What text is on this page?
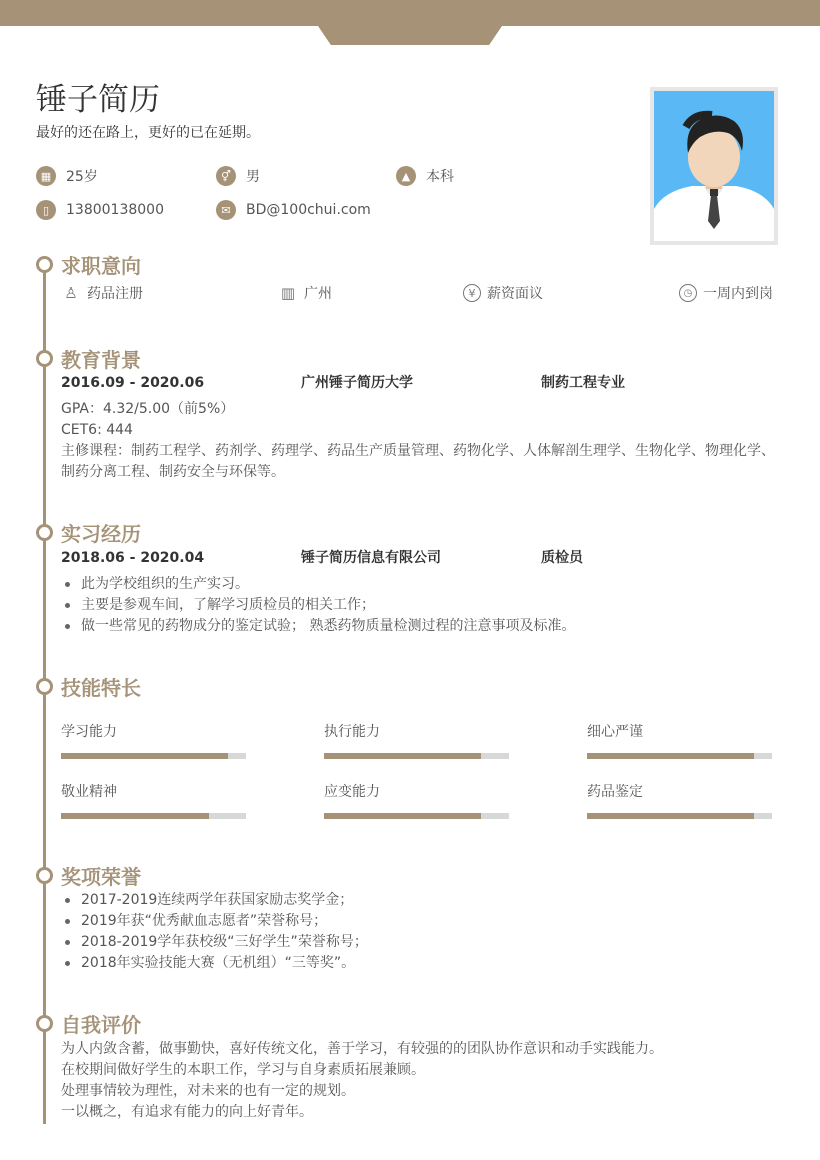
锤子简历
最好的还在路上，更好的已在延期。
▦	25岁	⚥	男	▲	本科
▯	13800138000	✉	BD@100chui.com
求职意向
♙ 药品注册	▥ 广州	¥ 薪资面议	◷ 一周内到岗
教育背景
2016.09 - 2020.06	广州锤子简历大学	制药工程专业
GPA：4.32/5.00（前5%）
CET6: 444
主修课程：制药工程学、药剂学、药理学、药品生产质量管理、药物化学、人体解剖生理学、生物化学、物理化学、
制药分离工程、制药安全与环保等。
实习经历
2018.06 - 2020.04	锤子简历信息有限公司	质检员
此为学校组织的生产实习。
主要是参观车间，了解学习质检员的相关工作；
做一些常见的药物成分的鉴定试验； 熟悉药物质量检测过程的注意事项及标准。
技能特长
学习能力	执行能力	细心严谨
敬业精神	应变能力	药品鉴定
奖项荣誉
2017-2019连续两学年获国家励志奖学金；
2019年获“优秀献血志愿者”荣誉称号；
2018-2019学年获校级“三好学生”荣誉称号；
2018年实验技能大赛（无机组）“三等奖”。
自我评价
为人内敛含蓄，做事勤快，喜好传统文化，善于学习，有较强的的团队协作意识和动手实践能力。
在校期间做好学生的本职工作，学习与自身素质拓展兼顾。
处理事情较为理性，对未来的也有一定的规划。
一以概之，有追求有能力的向上好青年。
